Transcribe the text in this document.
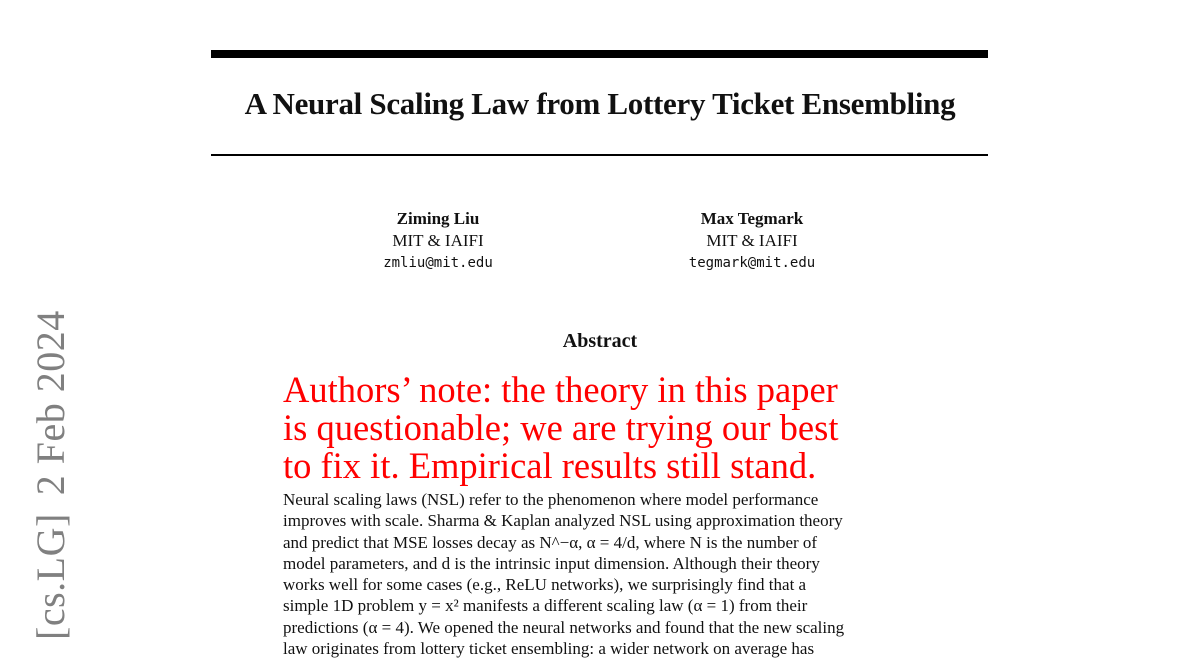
A Neural Scaling Law from Lottery Ticket Ensembling
Ziming Liu
MIT & IAIFI
zmliu@mit.edu
Max Tegmark
MIT & IAIFI
tegmark@mit.edu
Abstract
Authors’ note: the theory in this paper
is questionable; we are trying our best
to fix it. Empirical results still stand.
Neural scaling laws (NSL) refer to the phenomenon where model performance
improves with scale. Sharma & Kaplan analyzed NSL using approximation theory
and predict that MSE losses decay as N^−α, α = 4/d, where N is the number of
model parameters, and d is the intrinsic input dimension. Although their theory
works well for some cases (e.g., ReLU networks), we surprisingly find that a
simple 1D problem y = x² manifests a different scaling law (α = 1) from their
predictions (α = 4). We opened the neural networks and found that the new scaling
law originates from lottery ticket ensembling: a wider network on average has
[cs.LG]2 Feb 2024
